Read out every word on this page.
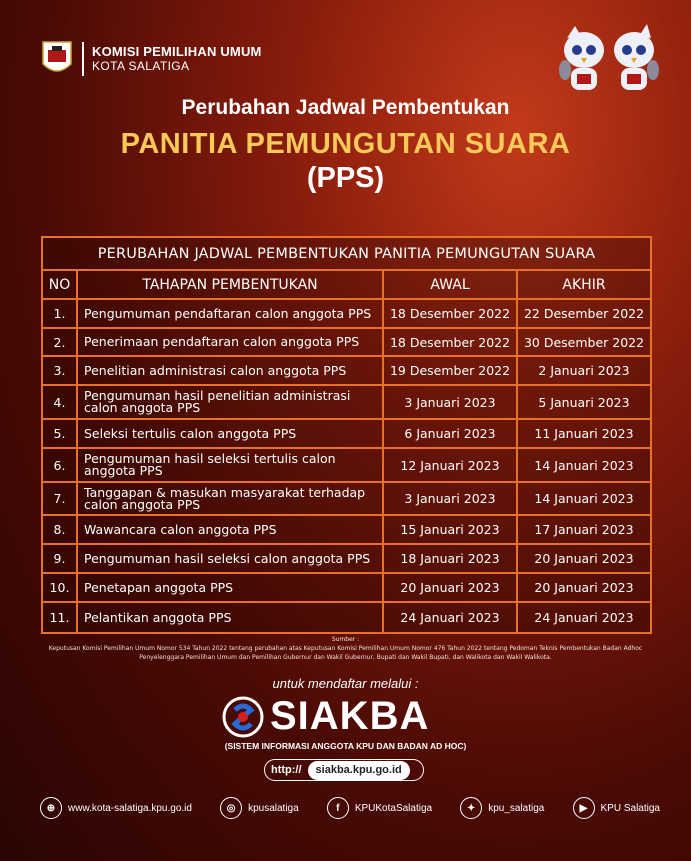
KOMISI PEMILIHAN UMUM
KOTA SALATIGA
Perubahan Jadwal Pembentukan
PANITIA PEMUNGUTAN SUARA
(PPS)
PERUBAHAN JADWAL PEMBENTUKAN PANITIA PEMUNGUTAN SUARA
NO	TAHAPAN PEMBENTUKAN	AWAL	AKHIR
1.	Pengumuman pendaftaran calon anggota PPS	18 Desember 2022	22 Desember 2022
2.	Penerimaan pendaftaran calon anggota PPS	18 Desember 2022	30 Desember 2022
3.	Penelitian administrasi calon anggota PPS	19 Desember 2022	2 Januari 2023
4.	Pengumuman hasil penelitian administrasi calon anggota PPS	3 Januari 2023	5 Januari 2023
5.	Seleksi tertulis calon anggota PPS	6 Januari 2023	11 Januari 2023
6.	Pengumuman hasil seleksi tertulis calon anggota PPS	12 Januari 2023	14 Januari 2023
7.	Tanggapan & masukan masyarakat terhadap calon anggota PPS	3 Januari 2023	14 Januari 2023
8.	Wawancara calon anggota PPS	15 Januari 2023	17 Januari 2023
9.	Pengumuman hasil seleksi calon anggota PPS	18 Januari 2023	20 Januari 2023
10.	Penetapan anggota PPS	20 Januari 2023	20 Januari 2023
11.	Pelantikan anggota PPS	24 Januari 2023	24 Januari 2023
Sumber :
Keputusan Komisi Pemilihan Umum Nomor 534 Tahun 2022 tentang perubahan atas Keputusan Komisi Pemilihan Umum Nomor 476 Tahun 2022 tentang Pedoman Teknis Pembentukan Badan Adhoc Penyelenggara Pemilihan Umum dan Pemilihan Gubernur dan Wakil Gubernur, Bupati dan Wakil Bupati, dan Walikota dan Wakil Walikota.
untuk mendaftar melalui :
SIAKBA
(SISTEM INFORMASI ANGGOTA KPU DAN BADAN AD HOC)
http://	siakba.kpu.go.id
⊕	www.kota-salatiga.kpu.go.id	◎	kpusalatiga	f	KPUKotaSalatiga	✦	kpu_salatiga	▶	KPU Salatiga
